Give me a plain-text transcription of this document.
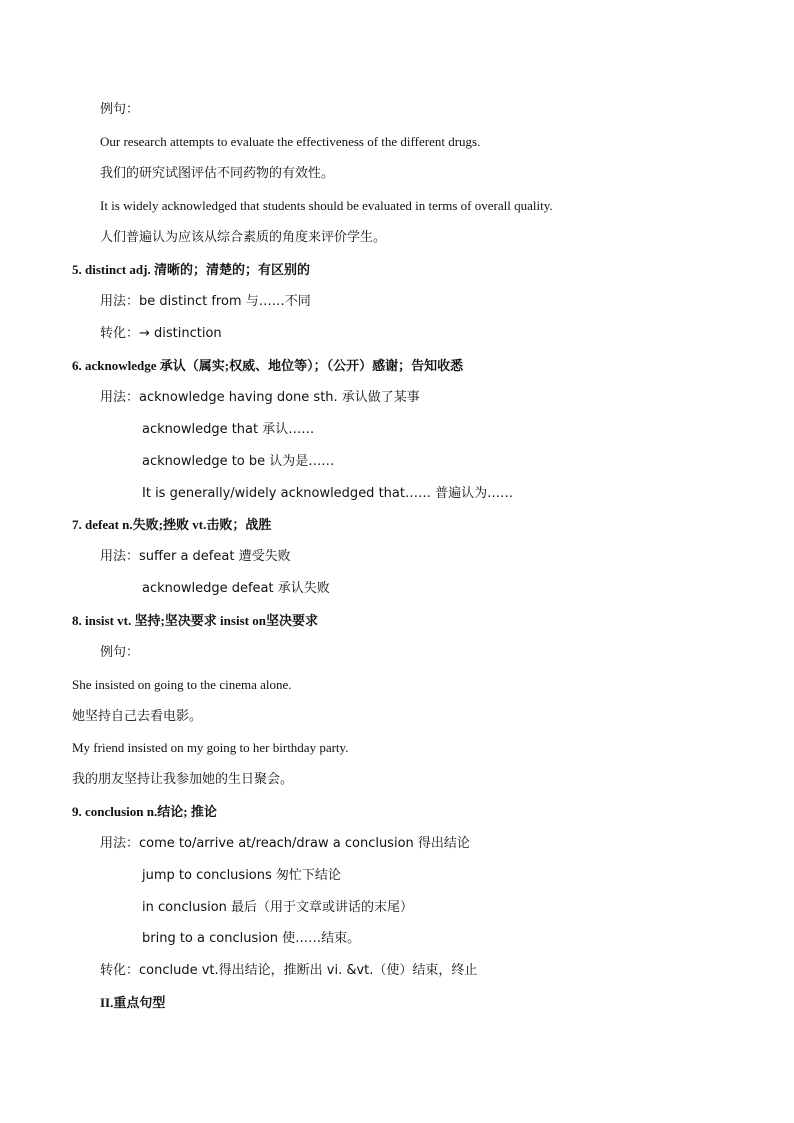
例句：
Our research attempts to evaluate the effectiveness of the different drugs.
我们的研究试图评估不同药物的有效性。
It is widely acknowledged that students should be evaluated in terms of overall quality.
人们普遍认为应该从综合素质的角度来评价学生。
5. distinct adj. 清晰的；清楚的；有区别的
用法：be distinct from 与……不同
转化：→ distinction
6. acknowledge 承认（属实;权威、地位等）；（公开）感谢；告知收悉
用法：acknowledge having done sth. 承认做了某事
acknowledge that 承认……
acknowledge to be 认为是……
It is generally/widely acknowledged that…… 普遍认为……
7. defeat n.失败;挫败 vt.击败；战胜
用法：suffer a defeat 遭受失败
acknowledge defeat 承认失败
8. insist vt. 坚持;坚决要求 insist on坚决要求
例句：
She insisted on going to the cinema alone.
她坚持自己去看电影。
My friend insisted on my going to her birthday party.
我的朋友坚持让我参加她的生日聚会。
9. conclusion n.结论; 推论
用法：come to/arrive at/reach/draw a conclusion 得出结论
jump to conclusions 匆忙下结论
in conclusion 最后（用于文章或讲话的末尾）
bring to a conclusion 使……结束。
转化：conclude vt.得出结论，推断出 vi. &vt.（使）结束，终止
II.重点句型
